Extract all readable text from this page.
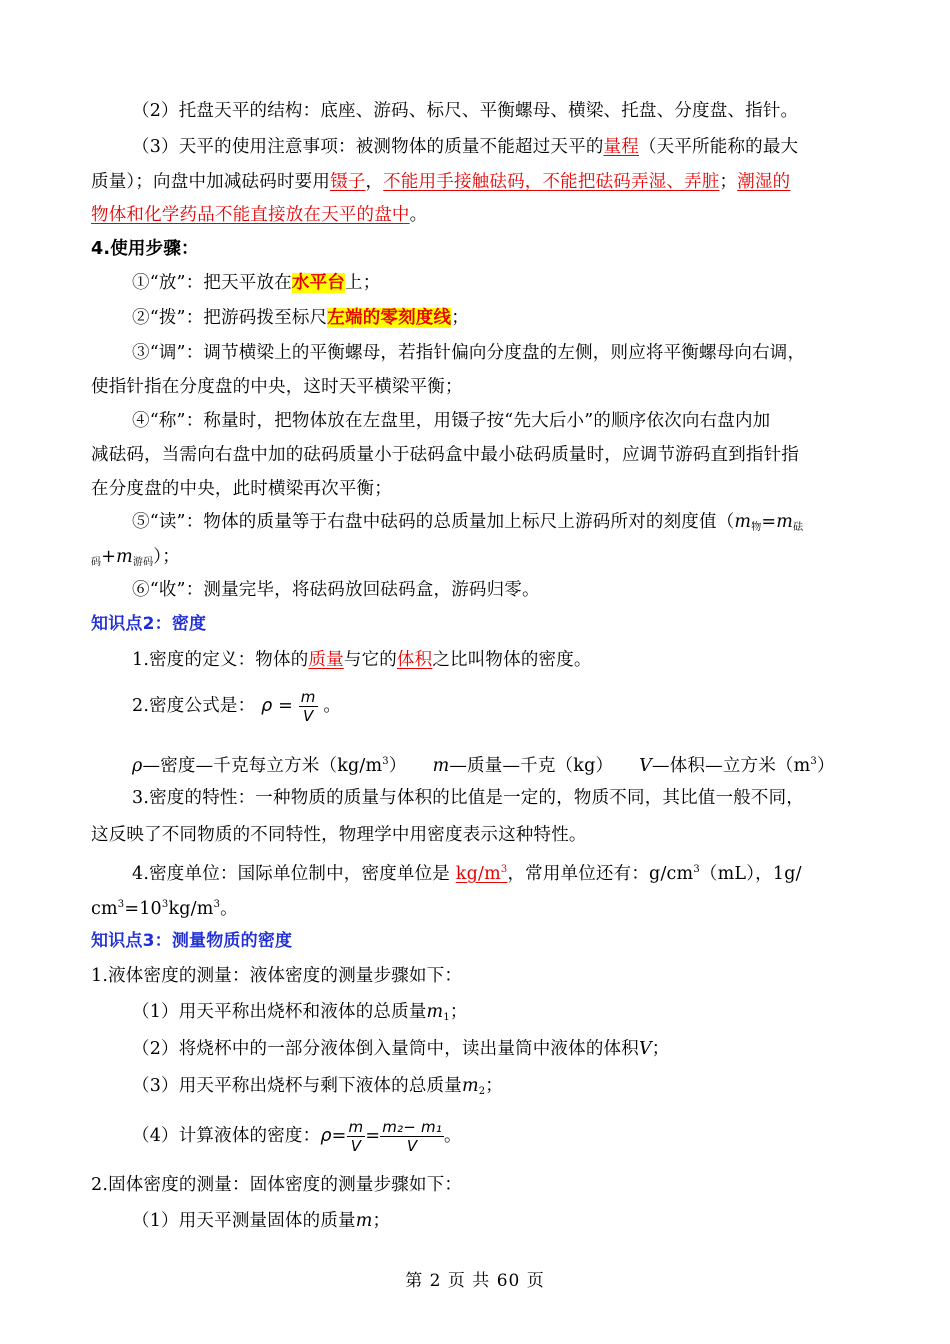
（2）托盘天平的结构：底座、游码、标尺、平衡螺母、横梁、托盘、分度盘、指针。
（3）天平的使用注意事项：被测物体的质量不能超过天平的量程（天平所能称的最大
质量）；向盘中加减砝码时要用镊子，不能用手接触砝码，不能把砝码弄湿、弄脏；潮湿的
物体和化学药品不能直接放在天平的盘中。
4.使用步骤：
①“放”：把天平放在水平台上；
②“拨”：把游码拨至标尺左端的零刻度线；
③“调”：调节横梁上的平衡螺母，若指针偏向分度盘的左侧，则应将平衡螺母向右调，
使指针指在分度盘的中央，这时天平横梁平衡；
④“称”：称量时，把物体放在左盘里，用镊子按“先大后小”的顺序依次向右盘内加
减砝码，当需向右盘中加的砝码质量小于砝码盒中最小砝码质量时，应调节游码直到指针指
在分度盘的中央，此时横梁再次平衡；
⑤“读”：物体的质量等于右盘中砝码的总质量加上标尺上游码所对的刻度值（$m_物=m_砝$
$_码+m_{游码}$）；
⑥“收”：测量完毕，将砝码放回砝码盒，游码归零。
知识点2：密度
1.密度的定义：物体的质量与它的体积之比叫物体的密度。
2.密度公式是： $\rho = \frac{m}{V}$ 。
ρ—密度—千克每立方米$(kg/m^3)$ m—质量—千克（kg） V—体积—立方米$(m^3)$
3.密度的特性：一种物质的质量与体积的比值是一定的，物质不同，其比值一般不同，
这反映了不同物质的不同特性，物理学中用密度表示这种特性。
4.密度单位：国际单位制中，密度单位是 $kg/m^3$，常用单位还有：$g/cm^3(mL)$，1g/
$cm^3=10^3kg/m^3$。
知识点3：测量物质的密度
1.液体密度的测量：液体密度的测量步骤如下：
（1）用天平称出烧杯和液体的总质量$m_1$；
（2）将烧杯中的一部分液体倒入量筒中，读出量筒中液体的体积V；
（3）用天平称出烧杯与剩下液体的总质量$m_2$；
（4）计算液体的密度：$\rho= \frac{m}{V} = \frac{\text{m₂− m₁}}{V}$ 。
2.固体密度的测量：固体密度的测量步骤如下：
（1）用天平测量固体的质量m；
第 2 页 共 60 页
